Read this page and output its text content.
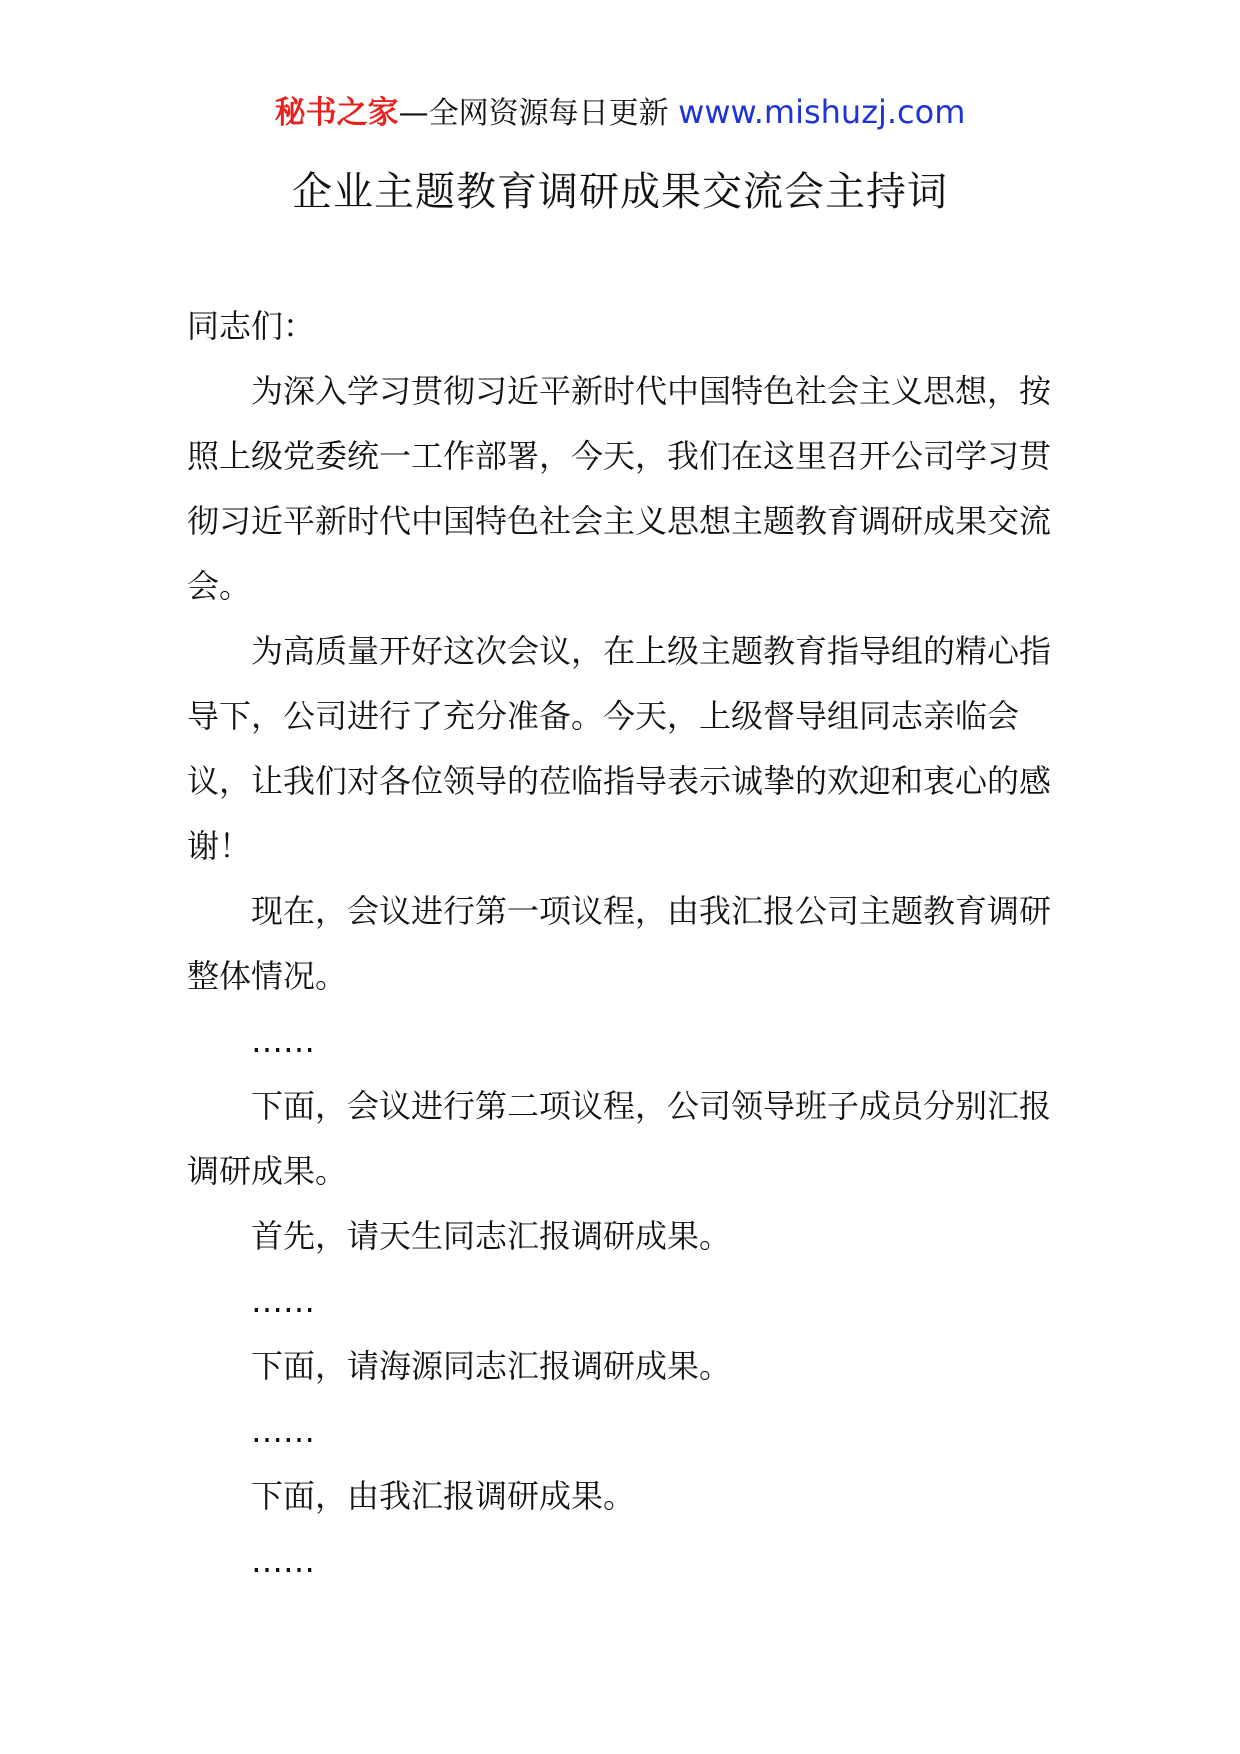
秘书之家—全网资源每日更新 www.mishuzj.com
企业主题教育调研成果交流会主持词

同志们：

为深入学习贯彻习近平新时代中国特色社会主义思想，按照上级党委统一工作部署，今天，我们在这里召开公司学习贯彻习近平新时代中国特色社会主义思想主题教育调研成果交流会。

为高质量开好这次会议，在上级主题教育指导组的精心指导下，公司进行了充分准备。今天，上级督导组同志亲临会议，让我们对各位领导的莅临指导表示诚挚的欢迎和衷心的感谢！

现在，会议进行第一项议程，由我汇报公司主题教育调研整体情况。

……

下面，会议进行第二项议程，公司领导班子成员分别汇报调研成果。

首先，请天生同志汇报调研成果。

……

下面，请海源同志汇报调研成果。

……

下面，由我汇报调研成果。

……
